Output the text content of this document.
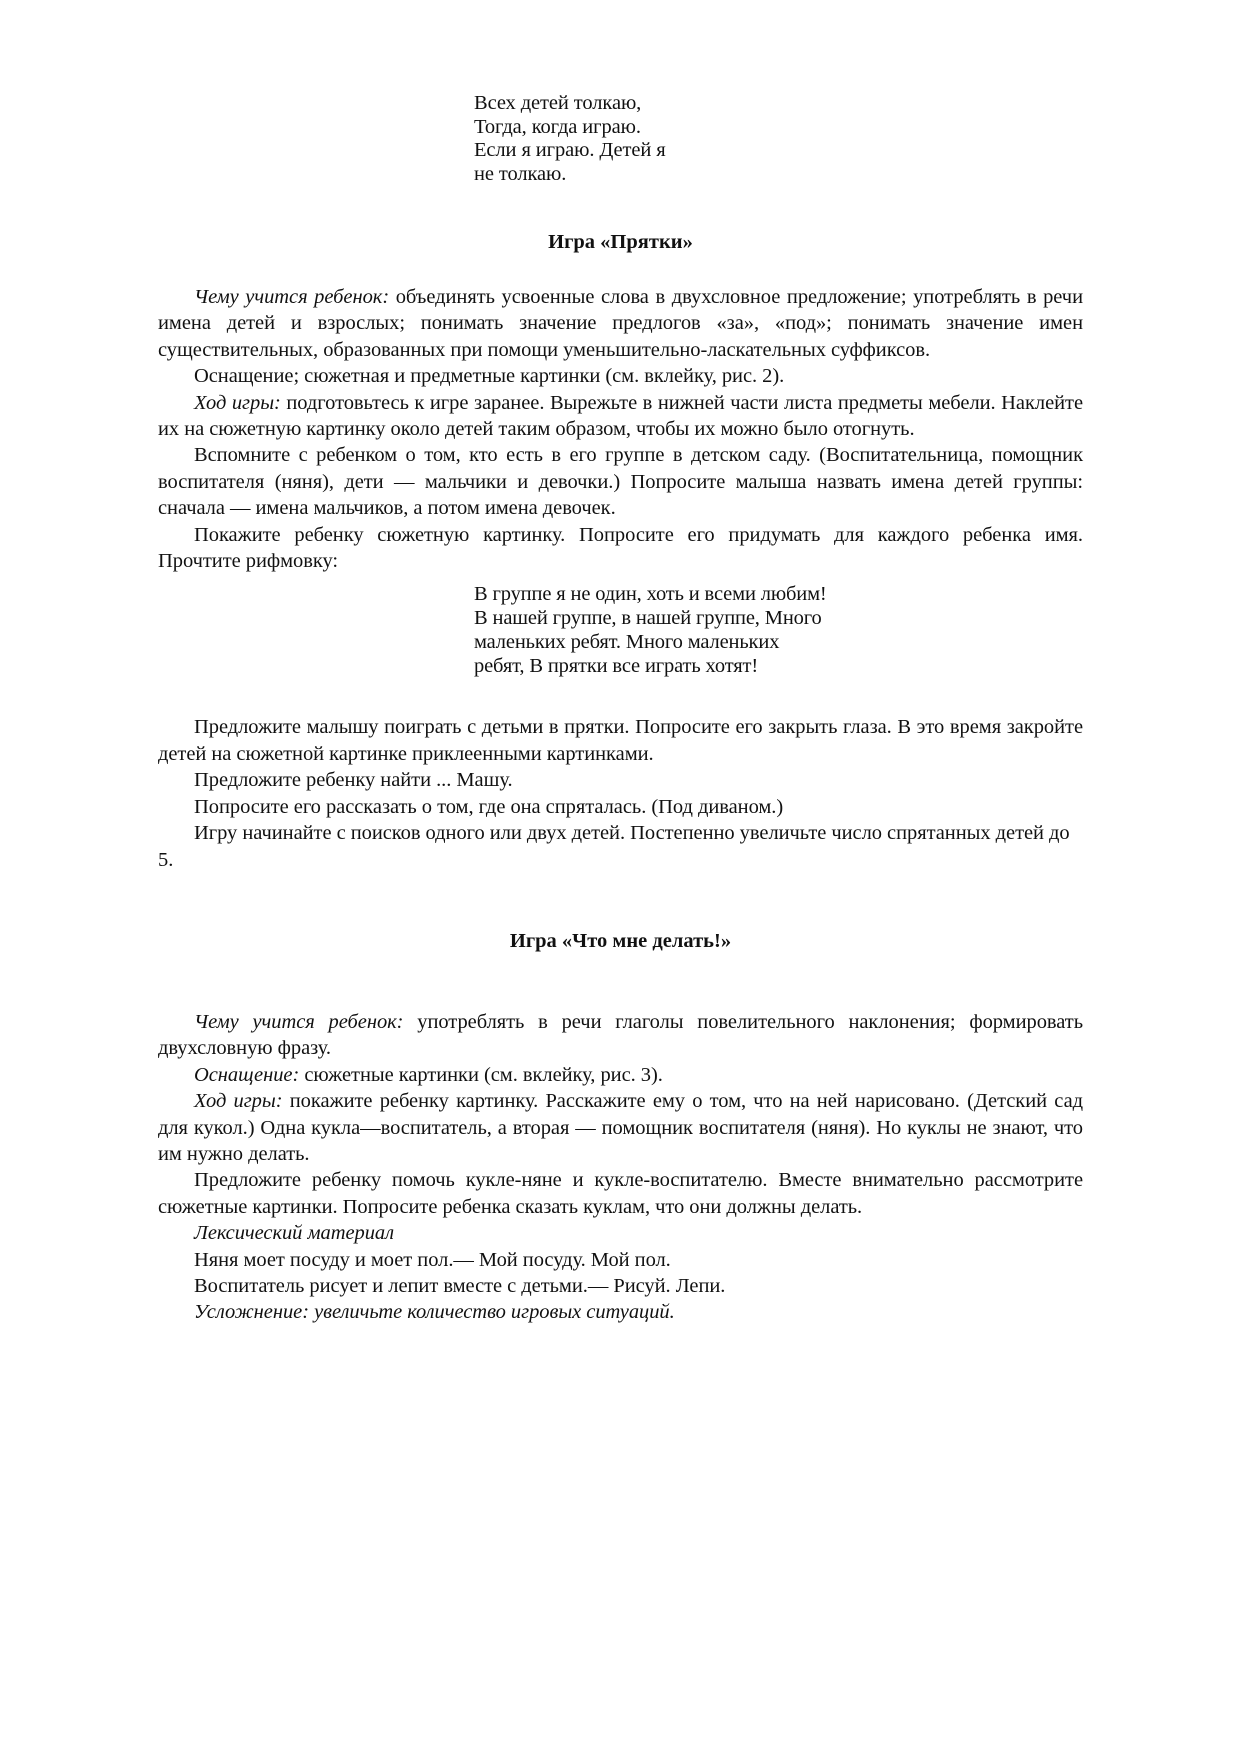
Всех детей толкаю,
Тогда, когда играю.
Если я играю. Детей я
не толкаю.
Игра «Прятки»

Чему учится ребенок: объединять усвоенные слова в двухсловное предложение; употреблять в речи имена детей и взрослых; понимать значение предлогов «за», «под»; понимать значение имен существительных, образованных при помощи уменьшительно-ласкательных суффиксов.

Оснащение; сюжетная и предметные картинки (см. вклейку, рис. 2).

Ход игры: подготовьтесь к игре заранее. Вырежьте в нижней части листа предметы мебели. Наклейте их на сюжетную картинку около детей таким образом, чтобы их можно было отогнуть.

Вспомните с ребенком о том, кто есть в его группе в детском саду. (Воспитательница, помощник воспитателя (няня), дети — мальчики и девочки.) Попросите малыша назвать имена детей группы: сначала — имена мальчиков, а потом имена девочек.

Покажите ребенку сюжетную картинку. Попросите его придумать для каждого ребенка имя. Прочтите рифмовку:

В группе я не один, хоть и всеми любим!
В нашей группе, в нашей группе, Много
маленьких ребят. Много маленьких
ребят, В прятки все играть хотят!

Предложите малышу поиграть с детьми в прятки. Попросите его закрыть глаза. В это время закройте детей на сюжетной картинке приклеенными картинками.

Предложите ребенку найти ... Машу.

Попросите его рассказать о том, где она спряталась. (Под диваном.)

Игру начинайте с поисков одного или двух детей. Постепенно увеличьте число спрятанных детей до 5.

Игра «Что мне делать!»

Чему учится ребенок: употреблять в речи глаголы повелительного наклонения; формировать двухсловную фразу.

Оснащение: сюжетные картинки (см. вклейку, рис. 3).

Ход игры: покажите ребенку картинку. Расскажите ему о том, что на ней нарисовано. (Детский сад для кукол.) Одна кукла—воспитатель, а вторая — помощник воспитателя (няня). Но куклы не знают, что им нужно делать.

Предложите ребенку помочь кукле-няне и кукле-воспитателю. Вместе внимательно рассмотрите сюжетные картинки. Попросите ребенка сказать куклам, что они должны делать.

Лексический материал

Няня моет посуду и моет пол.— Мой посуду. Мой пол.

Воспитатель рисует и лепит вместе с детьми.— Рисуй. Лепи.

Усложнение: увеличьте количество игровых ситуаций.
